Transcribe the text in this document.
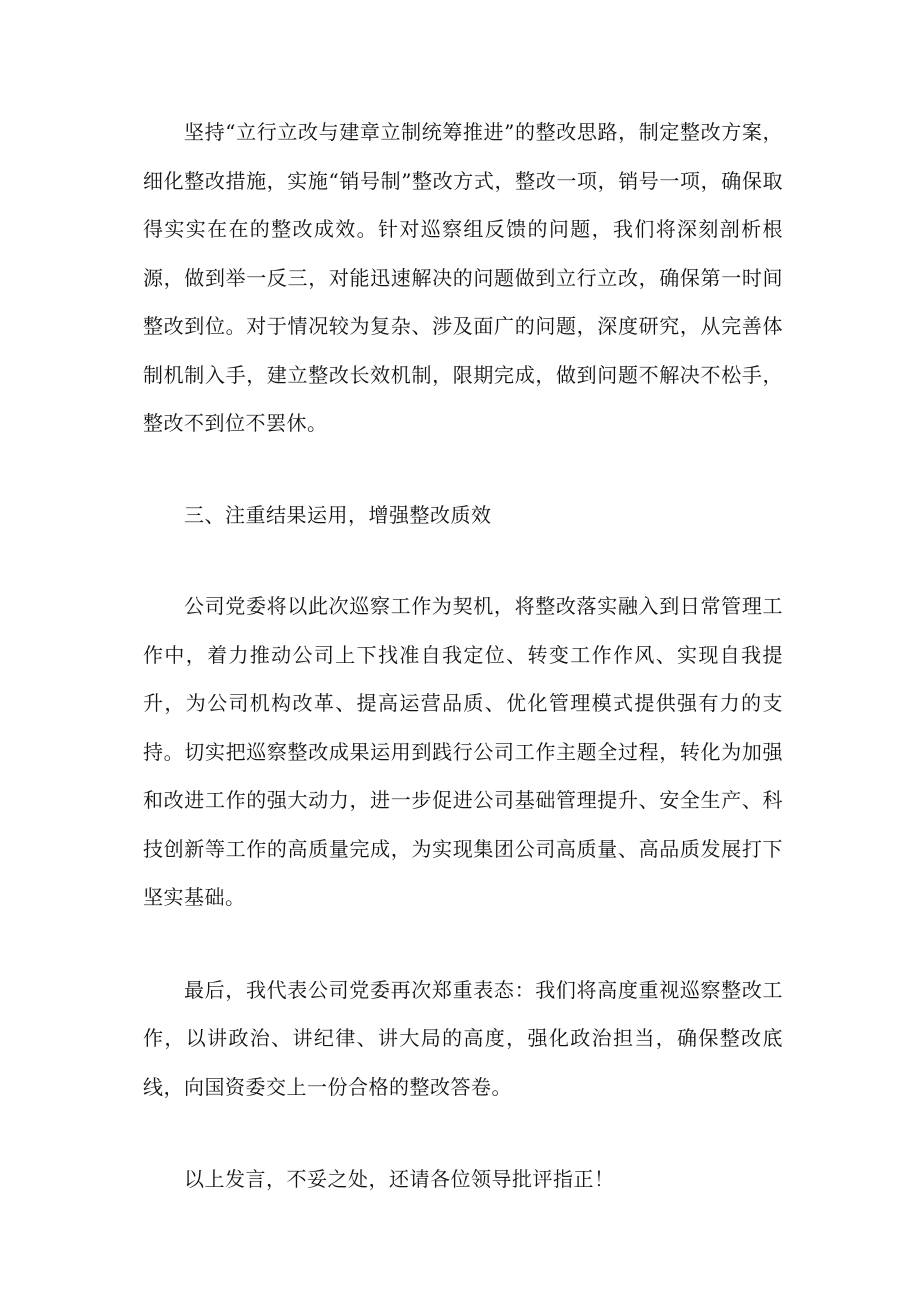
坚持“立行立改与建章立制统筹推进”的整改思路，制定整改方案，细化整改措施，实施“销号制”整改方式，整改一项，销号一项，确保取得实实在在的整改成效。针对巡察组反馈的问题，我们将深刻剖析根源，做到举一反三，对能迅速解决的问题做到立行立改，确保第一时间整改到位。对于情况较为复杂、涉及面广的问题，深度研究，从完善体制机制入手，建立整改长效机制，限期完成，做到问题不解决不松手，整改不到位不罢休。

三、注重结果运用，增强整改质效

公司党委将以此次巡察工作为契机，将整改落实融入到日常管理工作中，着力推动公司上下找准自我定位、转变工作作风、实现自我提升，为公司机构改革、提高运营品质、优化管理模式提供强有力的支持。切实把巡察整改成果运用到践行公司工作主题全过程，转化为加强和改进工作的强大动力，进一步促进公司基础管理提升、安全生产、科技创新等工作的高质量完成，为实现集团公司高质量、高品质发展打下坚实基础。

最后，我代表公司党委再次郑重表态：我们将高度重视巡察整改工作，以讲政治、讲纪律、讲大局的高度，强化政治担当，确保整改底线，向国资委交上一份合格的整改答卷。

以上发言，不妥之处，还请各位领导批评指正！
